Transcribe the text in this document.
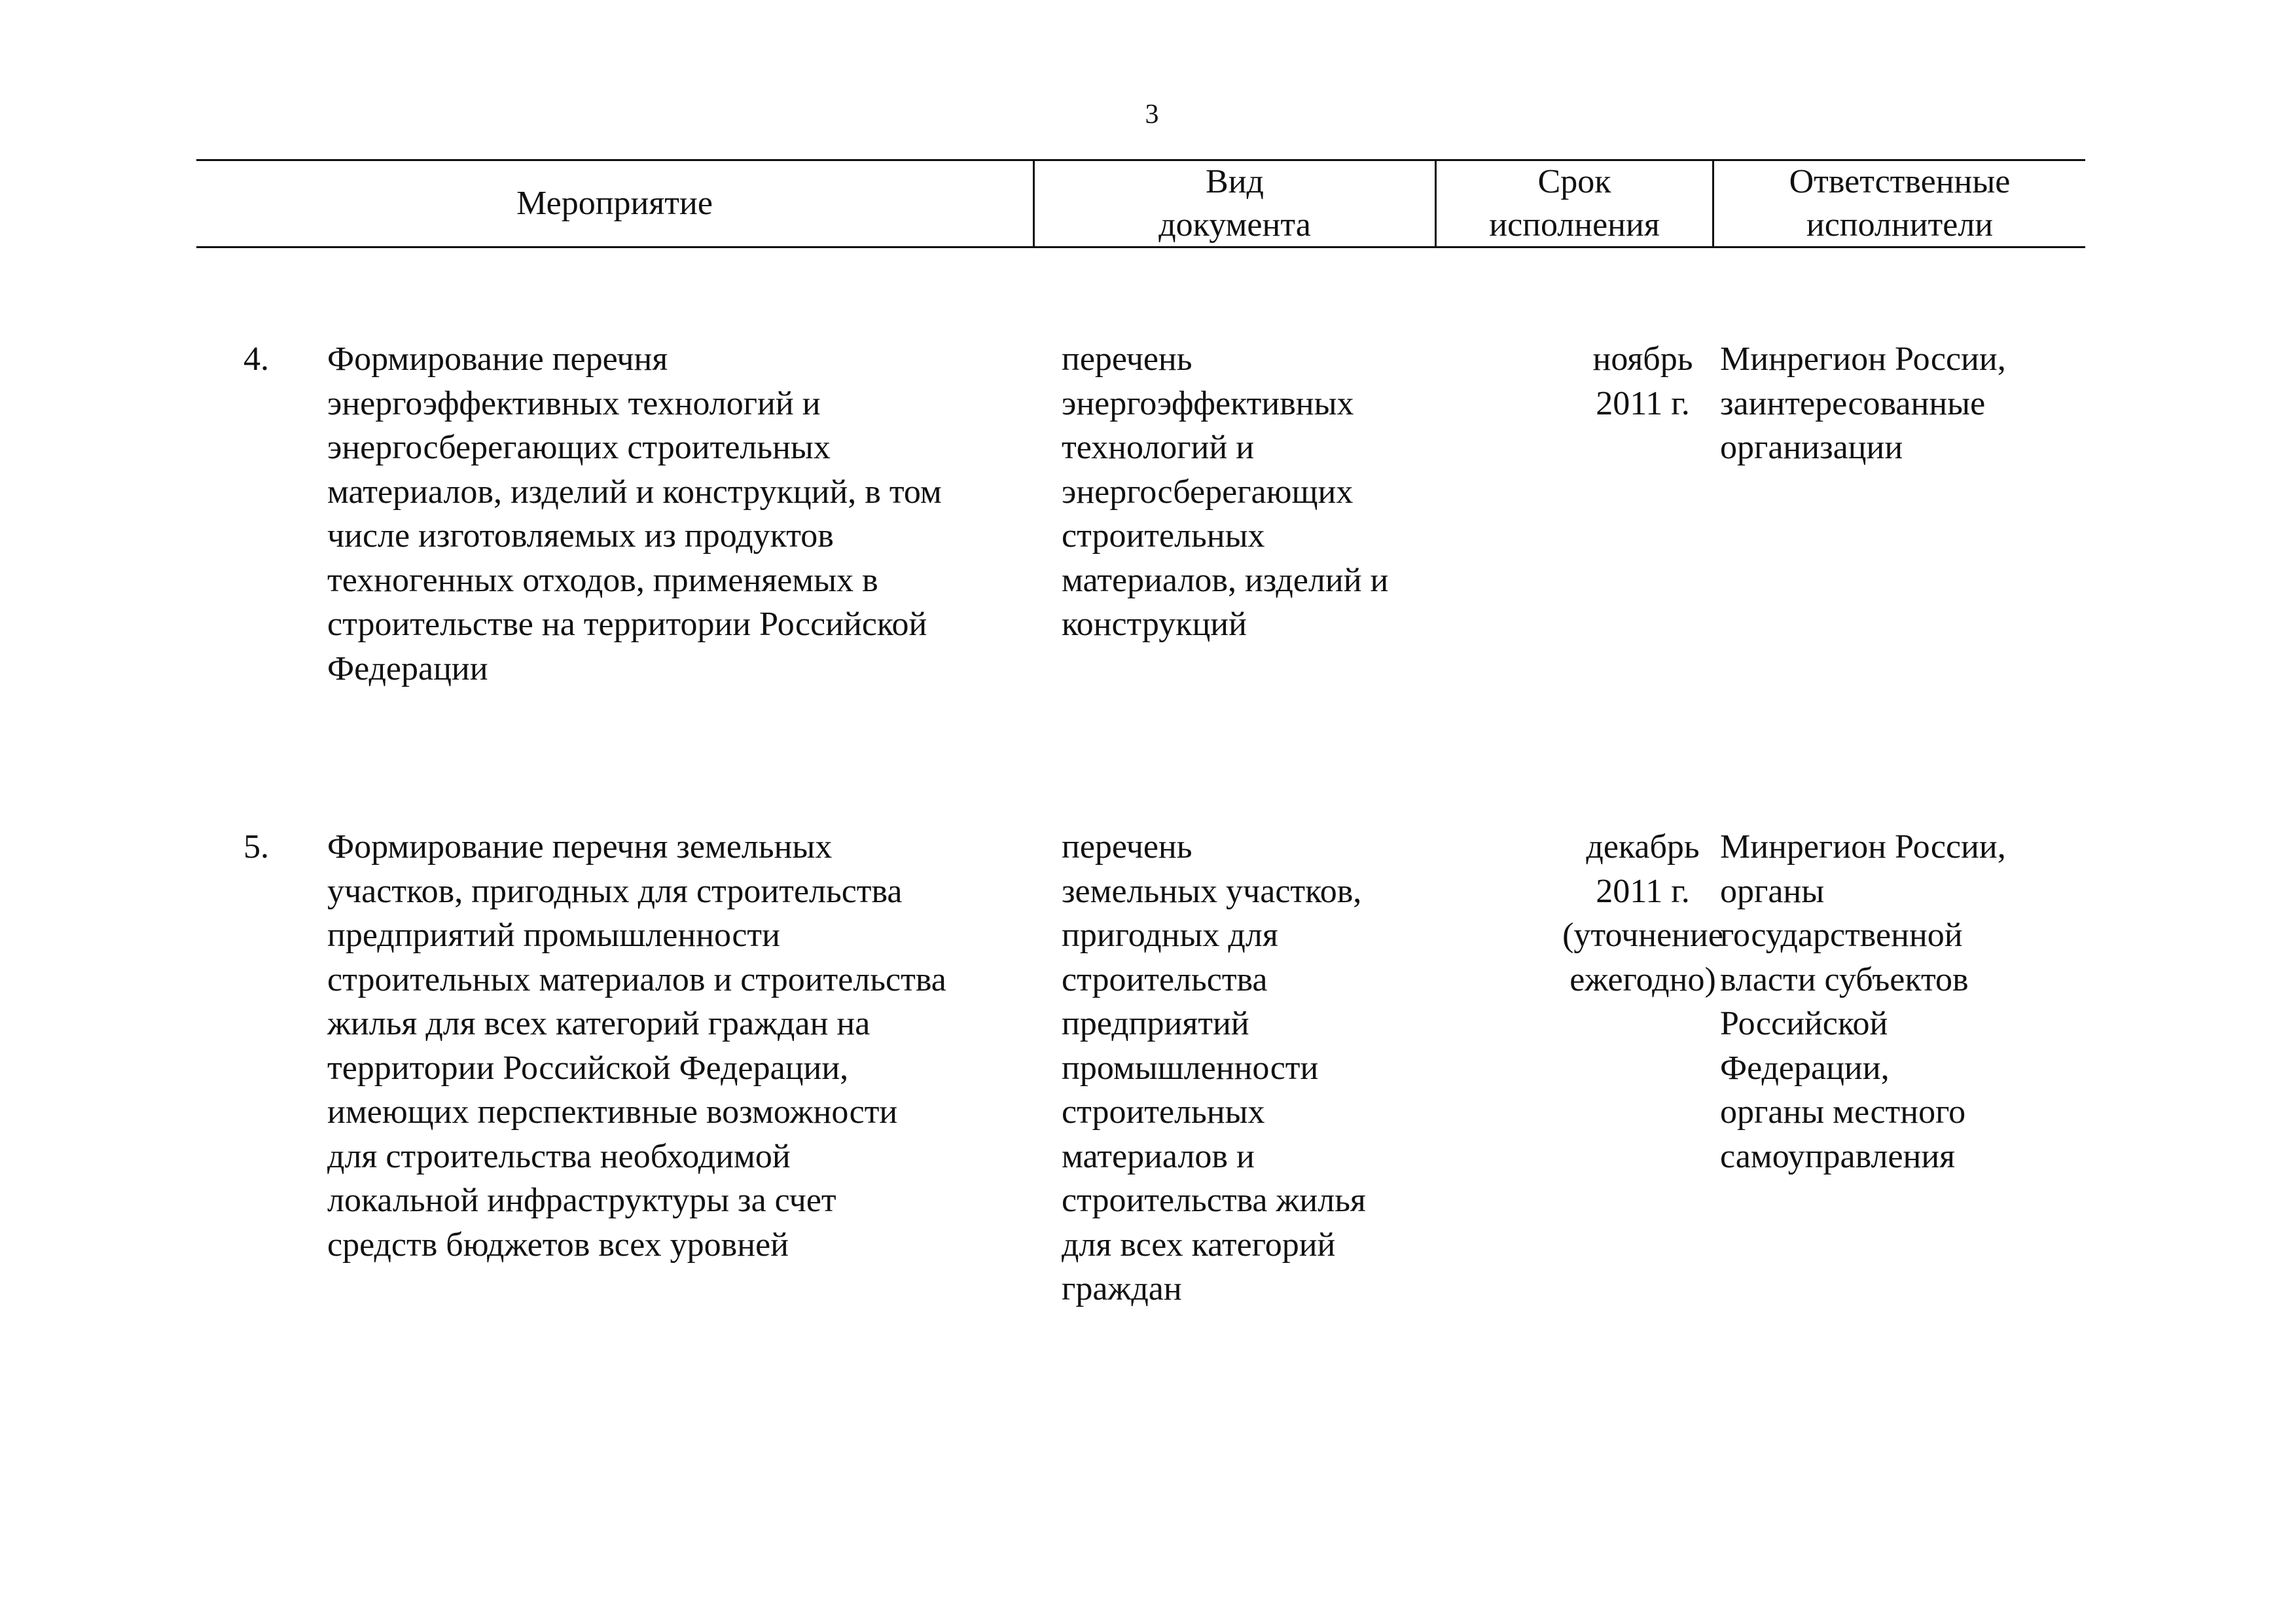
3
Мероприятие
Вид
документа
Срок
исполнения
Ответственные
исполнители
4.	Формирование перечня
энергоэффективных технологий и
энергосберегающих строительных
материалов, изделий и конструкций, в том
числе изготовляемых из продуктов
техногенных отходов, применяемых в
строительстве на территории Российской
Федерации
перечень
энергоэффективных
технологий и
энергосберегающих
строительных
материалов, изделий и
конструкций
ноябрь
2011 г.
Минрегион России,
заинтересованные
организации
5.	Формирование перечня земельных
участков, пригодных для строительства
предприятий промышленности
строительных материалов и строительства
жилья для всех категорий граждан на
территории Российской Федерации,
имеющих перспективные возможности
для строительства необходимой
локальной инфраструктуры за счет
средств бюджетов всех уровней
перечень
земельных участков,
пригодных для
строительства
предприятий
промышленности
строительных
материалов и
строительства жилья
для всех категорий
граждан
декабрь
2011 г.
(уточнение
ежегодно)
Минрегион России,
органы
государственной
власти субъектов
Российской
Федерации,
органы местного
самоуправления
